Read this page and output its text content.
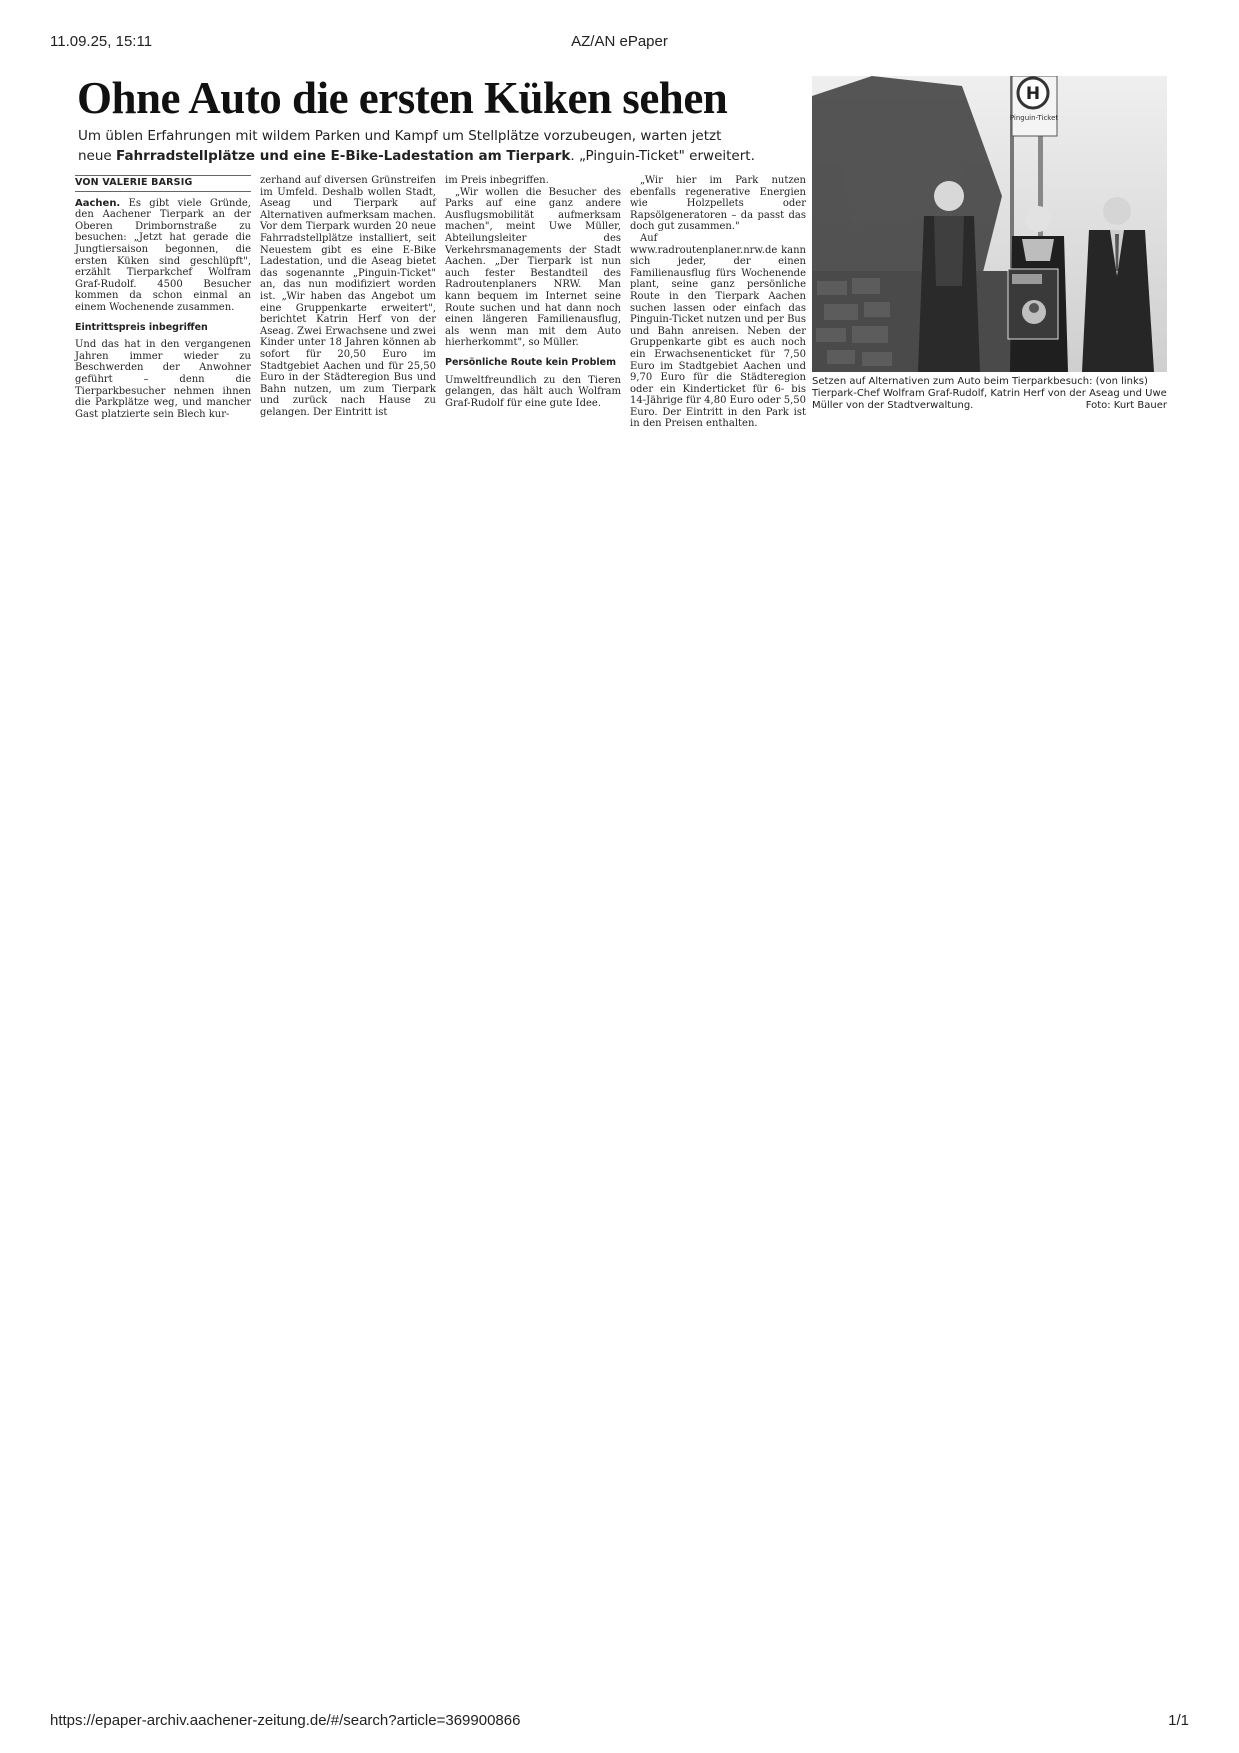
11.09.25, 15:11	AZ/AN ePaper
Ohne Auto die ersten Küken sehen

Um üblen Erfahrungen mit wildem Parken und Kampf um Stellplätze vorzubeugen, warten jetzt

neue Fahrradstellplätze und eine E-Bike-Ladestation am Tierpark. „Pinguin-Ticket" erweitert.

VON VALERIE BARSIG

Aachen. Es gibt viele Gründe, den Aachener Tierpark an der Oberen Drimbornstraße zu besuchen: „Jetzt hat gerade die Jungtiersaison begonnen, die ersten Küken sind geschlüpft", erzählt Tierparkchef Wolfram Graf-Rudolf. 4500 Besucher kommen da schon einmal an einem Wochenende zusammen.

Eintrittspreis inbegriffen

Und das hat in den vergangenen Jahren immer wieder zu Beschwerden der Anwohner geführt – denn die Tierparkbesucher nehmen ihnen die Parkplätze weg, und mancher Gast platzierte sein Blech kur-

zerhand auf diversen Grünstreifen im Umfeld. Deshalb wollen Stadt, Aseag und Tierpark auf Alternativen aufmerksam machen. Vor dem Tierpark wurden 20 neue Fahrradstellplätze installiert, seit Neuestem gibt es eine E-Bike Ladestation, und die Aseag bietet das sogenannte „Pinguin-Ticket" an, das nun modifiziert worden ist. „Wir haben das Angebot um eine Gruppenkarte erweitert", berichtet Katrin Herf von der Aseag. Zwei Erwachsene und zwei Kinder unter 18 Jahren können ab sofort für 20,50 Euro im Stadtgebiet Aachen und für 25,50 Euro in der Städteregion Bus und Bahn nutzen, um zum Tierpark und zurück nach Hause zu gelangen. Der Eintritt ist

im Preis inbegriffen.

„Wir wollen die Besucher des Parks auf eine ganz andere Ausflugsmobilität aufmerksam machen", meint Uwe Müller, Abteilungsleiter des Verkehrsmanagements der Stadt Aachen. „Der Tierpark ist nun auch fester Bestandteil des Radroutenplaners NRW. Man kann bequem im Internet seine Route suchen und hat dann noch einen längeren Familienausflug, als wenn man mit dem Auto hierherkommt", so Müller.

Persönliche Route kein Problem

Umweltfreundlich zu den Tieren gelangen, das hält auch Wolfram Graf-Rudolf für eine gute Idee.

„Wir hier im Park nutzen ebenfalls regenerative Energien wie Holzpellets oder Rapsölgeneratoren – da passt das doch gut zusammen."

Auf www.radroutenplaner.nrw.de kann sich jeder, der einen Familienausflug fürs Wochenende plant, seine ganz persönliche Route in den Tierpark Aachen suchen lassen oder einfach das Pinguin-Ticket nutzen und per Bus und Bahn anreisen. Neben der Gruppenkarte gibt es auch noch ein Erwachsenenticket für 7,50 Euro im Stadtgebiet Aachen und 9,70 Euro für die Städteregion oder ein Kinderticket für 6- bis 14-Jährige für 4,80 Euro oder 5,50 Euro. Der Eintritt in den Park ist in den Preisen enthalten.

H
Pinguin-Ticket
Setzen auf Alternativen zum Auto beim Tierparkbesuch: (von links) Tierpark-Chef Wolfram Graf-Rudolf, Katrin Herf von der Aseag und Uwe Müller von der Stadtverwaltung.	Foto: Kurt Bauer
https://epaper-archiv.aachener-zeitung.de/#/search?article=369900866	1/1
